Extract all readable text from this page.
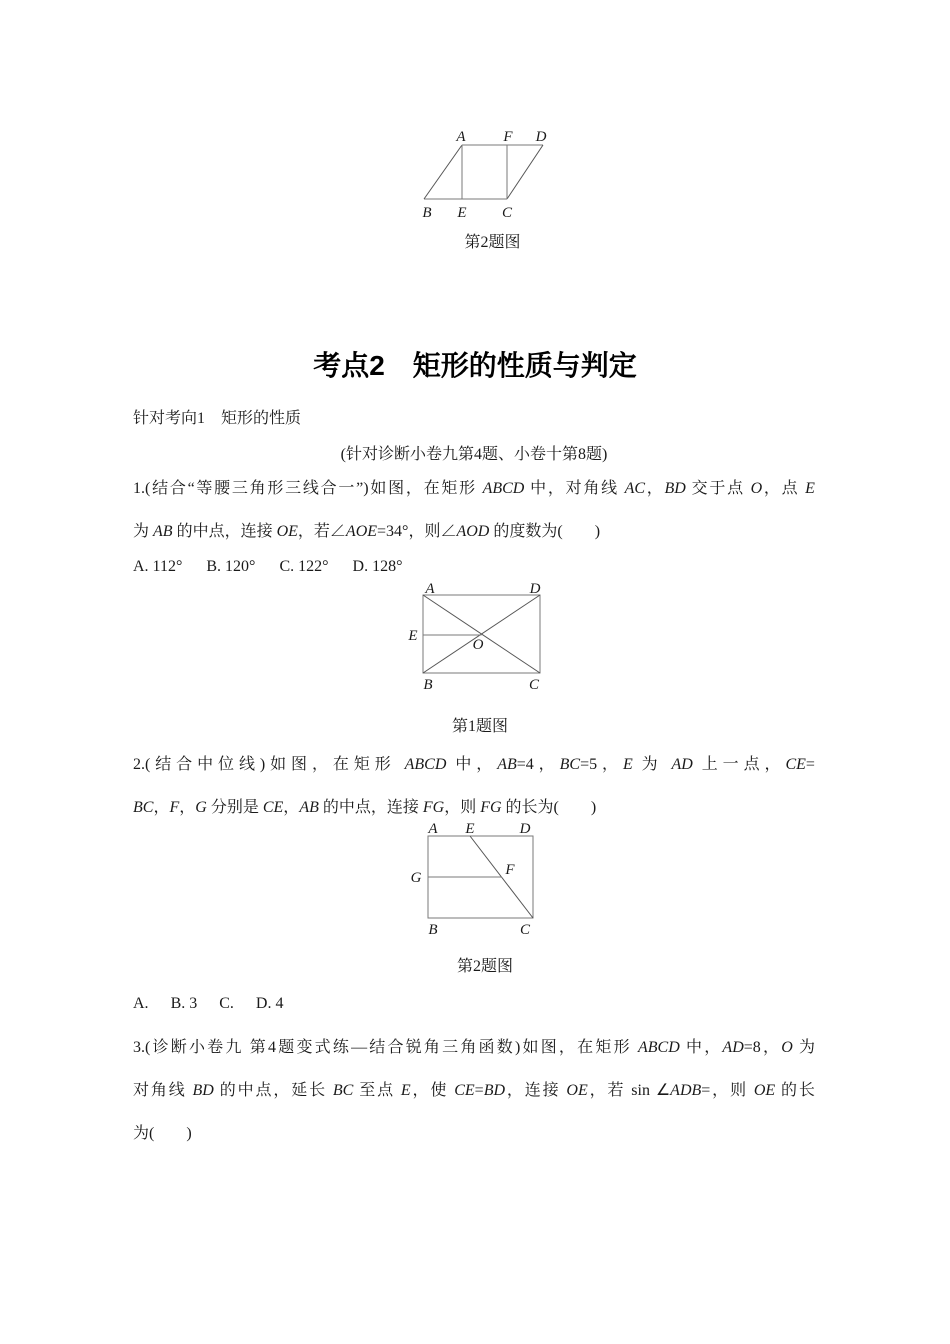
A	F D
B E C
第2题图
考点2　矩形的性质与判定
针对考向1　矩形的性质
(针对诊断小卷九第4题、小卷十第8题)
1.(结合“等腰三角形三线合一”)如图，在矩形 ABCD 中，对角线 AC，BD 交于点 O，点 E
为 AB 的中点，连接 OE，若∠AOE=34°，则∠AOD 的度数为(　　)
A. 112° B. 120° C. 122° D. 128°
A	D
E
O
B	C
第1题图
2.(结合中位线)如图，在矩形 ABCD 中，AB=4，BC=5，E 为 AD 上一点，CE=
BC，F，G 分别是 CE，AB 的中点，连接 FG，则 FG 的长为(　　)
A E	D
G	F
B	C
第2题图
A. B. 3 C. D. 4
3.(诊断小卷九 第4题变式练—结合锐角三角函数)如图，在矩形 ABCD 中，AD=8，O 为
对角线 BD 的中点，延长 BC 至点 E，使 CE=BD，连接 OE，若 sin ∠ADB=，则 OE 的长
为(　　)
